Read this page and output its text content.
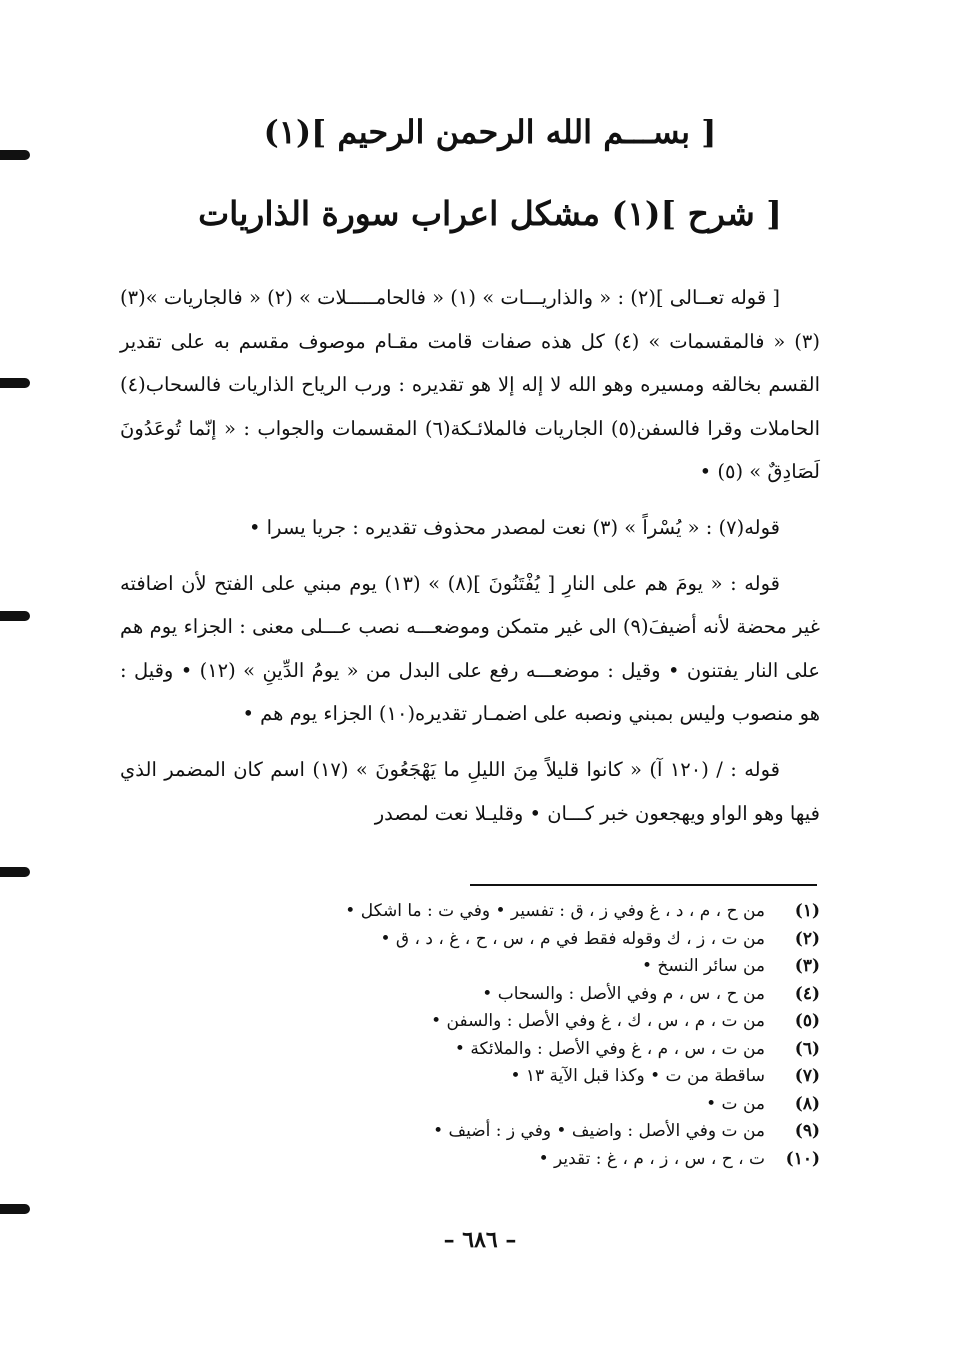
[ بســـم الله الرحمن الرحيم ](١)
[ شرح ](١) مشكل اعراب سورة الذاريات

[ قوله تعــالى ](٢) : « والذاريـــات » (١) « فالحامـــــلات » (٢) « فالجاريات »(٣) (٣) « فالمقسمات » (٤) كل هذه صفات قامت مقـام موصوف مقسم به على تقدير القسم بخالقه ومسيره وهو الله لا إله إلا هو تقديره : ورب الرياح الذاريات فالسحاب(٤) الحاملات وقرا فالسفن(٥) الجاريات فالملائـكة(٦) المقسمات والجواب : « إنّما تُوعَدُونَ لَصَادِقٌ » (٥) •

قوله(٧) : « يُسْراً » (٣) نعت لمصدر محذوف تقديره : جريا يسرا •

قوله : « يومَ هم على النارِ [ يُفْتَنُونَ ](٨) » (١٣) يوم مبني على الفتح لأن اضافته غير محضة لأنه أضيفَ(٩) الى غير متمكن وموضعـــه نصب عـــلى معنى : الجزاء يوم هم على النار يفتنون • وقيل : موضعـــه رفع على البدل من « يومُ الدِّينِ » (١٢) • وقيل : هو منصوب وليس بمبني ونصبه على اضمـار تقديره(١٠) الجزاء يوم هم •

قوله : / (١٢٠ آ) « كانوا قليلاً مِنَ الليلِ ما يَهْجَعُونَ » (١٧) اسم كان المضمر الذي فيها وهو الواو ويهجعون خبر كـــان • وقليـلا نعت لمصدر

(١)
من ح ، م ، د ، غ وفي ز ، ق : تفسير • وفي ت : ما اشكل •
(٢)
من ت ، ز ، ك وقوله فقط في م ، س ، ح ، غ ، د ، ق •
(٣)
من سائر النسخ •
(٤)
من ح ، س ، م وفي الأصل : والسحاب •
(٥)
من ت ، م ، س ، ك ، غ وفي الأصل : والسفن •
(٦)
من ت ، س ، م ، غ وفي الأصل : والملائكة •
(٧)
ساقطة من ت • وكذا قبل الآية ١٣ •
(٨)
من ت •
(٩)
من ت وفي الأصل : واضيف • وفي ز : أضيف •
(١٠)
ت ، ح ، س ، ز ، م ، غ : تقدير •
– ٦٨٦ –
